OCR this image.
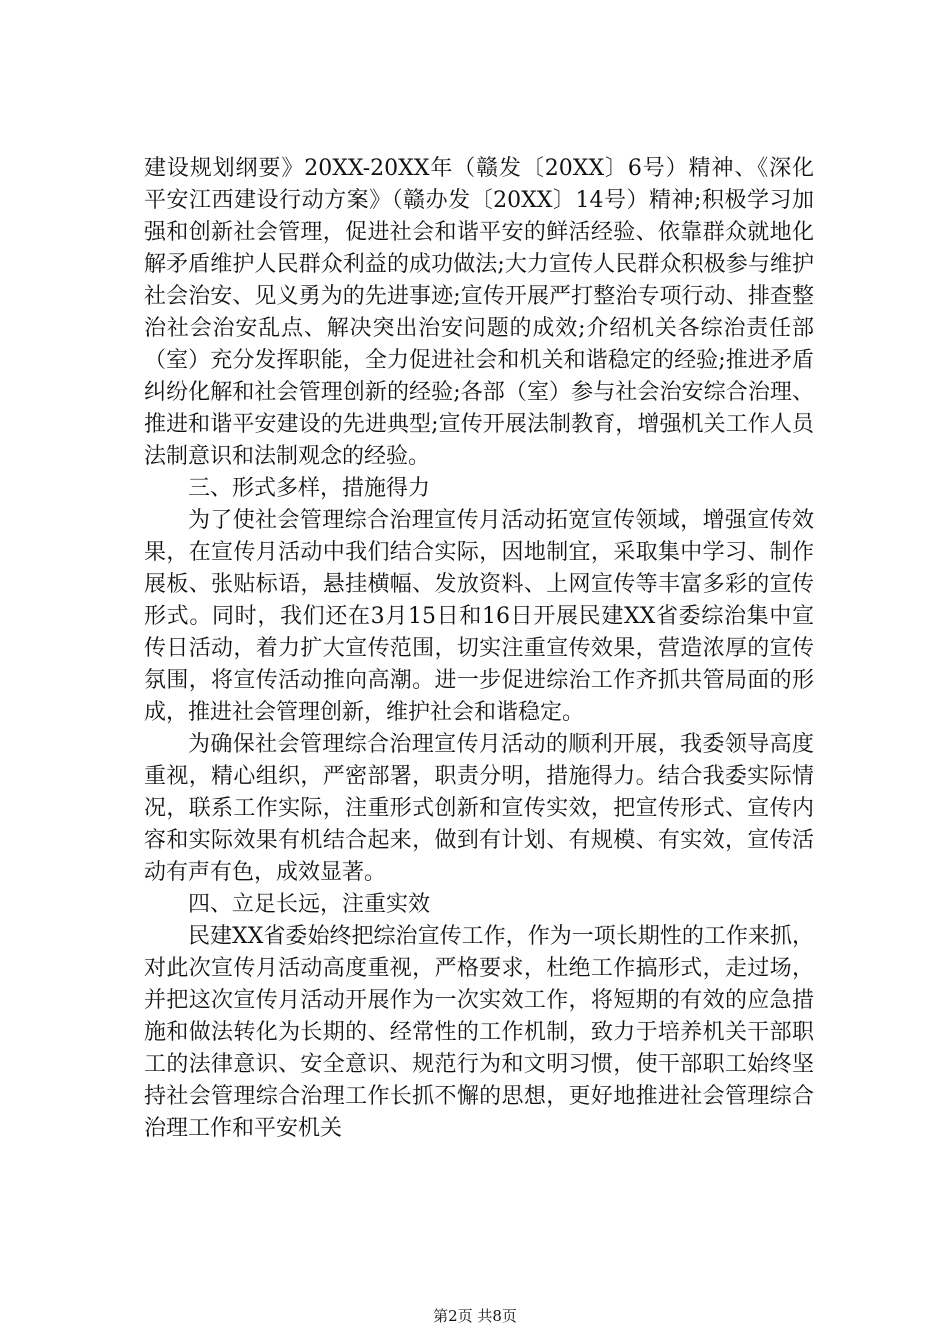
建设规划纲要》20XX-20XX年（赣发〔20XX〕6号）精神、《深化平安江西建设行动方案》（赣办发〔20XX〕14号）精神;积极学习加强和创新社会管理，促进社会和谐平安的鲜活经验、依靠群众就地化解矛盾维护人民群众利益的成功做法;大力宣传人民群众积极参与维护社会治安、见义勇为的先进事迹;宣传开展严打整治专项行动、排查整治社会治安乱点、解决突出治安问题的成效;介绍机关各综治责任部（室）充分发挥职能，全力促进社会和机关和谐稳定的经验;推进矛盾纠纷化解和社会管理创新的经验;各部（室）参与社会治安综合治理、推进和谐平安建设的先进典型;宣传开展法制教育，增强机关工作人员法制意识和法制观念的经验。

三、形式多样，措施得力

为了使社会管理综合治理宣传月活动拓宽宣传领域，增强宣传效果，在宣传月活动中我们结合实际，因地制宜，采取集中学习、制作展板、张贴标语，悬挂横幅、发放资料、上网宣传等丰富多彩的宣传形式。同时，我们还在3月15日和16日开展民建XX省委综治集中宣传日活动，着力扩大宣传范围，切实注重宣传效果，营造浓厚的宣传氛围，将宣传活动推向高潮。进一步促进综治工作齐抓共管局面的形成，推进社会管理创新，维护社会和谐稳定。

为确保社会管理综合治理宣传月活动的顺利开展，我委领导高度重视，精心组织，严密部署，职责分明，措施得力。结合我委实际情况，联系工作实际，注重形式创新和宣传实效，把宣传形式、宣传内容和实际效果有机结合起来，做到有计划、有规模、有实效，宣传活动有声有色，成效显著。

四、立足长远，注重实效

民建XX省委始终把综治宣传工作，作为一项长期性的工作来抓，对此次宣传月活动高度重视，严格要求，杜绝工作搞形式，走过场，并把这次宣传月活动开展作为一次实效工作，将短期的有效的应急措施和做法转化为长期的、经常性的工作机制，致力于培养机关干部职工的法律意识、安全意识、规范行为和文明习惯，使干部职工始终坚持社会管理综合治理工作长抓不懈的思想，更好地推进社会管理综合治理工作和平安机关

第2页 共8页
